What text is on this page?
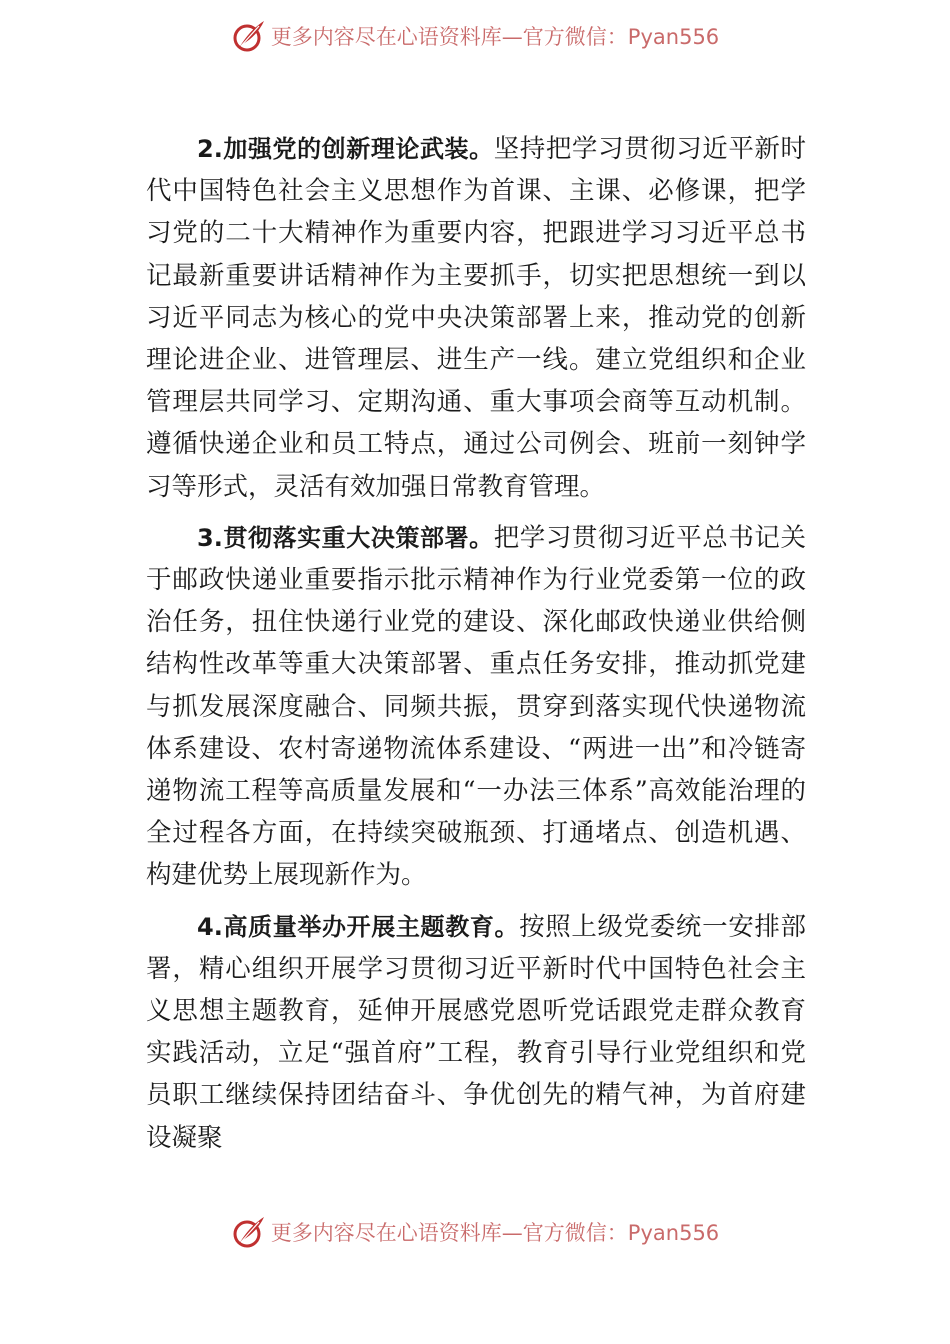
更多内容尽在心语资料库—官方微信：Pyan556

2.加强党的创新理论武装。坚持把学习贯彻习近平新时代中国特色社会主义思想作为首课、主课、必修课，把学习党的二十大精神作为重要内容，把跟进学习习近平总书记最新重要讲话精神作为主要抓手，切实把思想统一到以习近平同志为核心的党中央决策部署上来，推动党的创新理论进企业、进管理层、进生产一线。建立党组织和企业管理层共同学习、定期沟通、重大事项会商等互动机制。遵循快递企业和员工特点，通过公司例会、班前一刻钟学习等形式，灵活有效加强日常教育管理。

3.贯彻落实重大决策部署。把学习贯彻习近平总书记关于邮政快递业重要指示批示精神作为行业党委第一位的政治任务，扭住快递行业党的建设、深化邮政快递业供给侧结构性改革等重大决策部署、重点任务安排，推动抓党建与抓发展深度融合、同频共振，贯穿到落实现代快递物流体系建设、农村寄递物流体系建设、“两进一出”和冷链寄递物流工程等高质量发展和“一办法三体系”高效能治理的全过程各方面，在持续突破瓶颈、打通堵点、创造机遇、构建优势上展现新作为。

4.高质量举办开展主题教育。按照上级党委统一安排部署，精心组织开展学习贯彻习近平新时代中国特色社会主义思想主题教育，延伸开展感党恩听党话跟党走群众教育实践活动，立足“强首府”工程，教育引导行业党组织和党员职工继续保持团结奋斗、争优创先的精气神，为首府建设凝聚

更多内容尽在心语资料库—官方微信：Pyan556
